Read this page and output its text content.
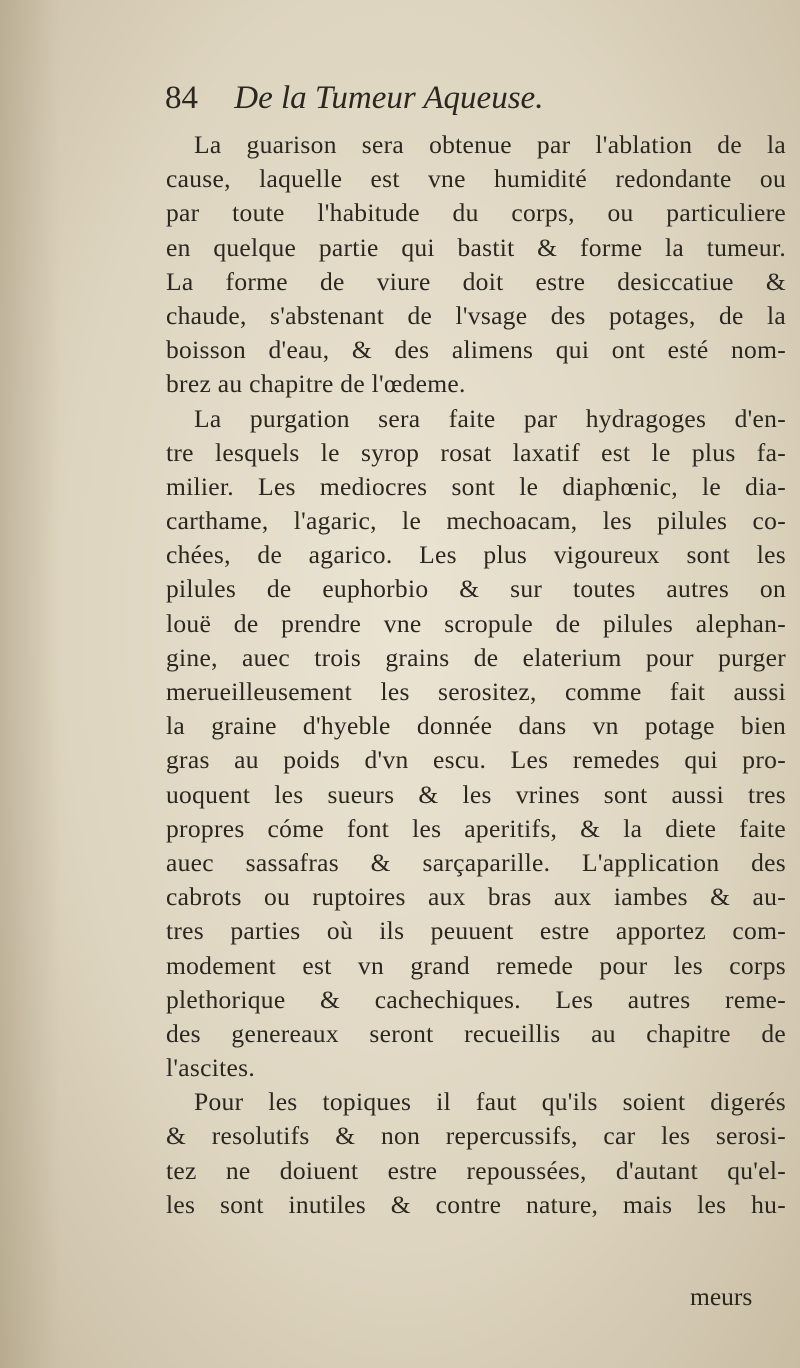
84 De la Tumeur Aqueuse.
La guarison sera obtenue par l'ablation de la
cause, laquelle est vne humidité redondante ou
par toute l'habitude du corps, ou particuliere
en quelque partie qui bastit & forme la tumeur.
La forme de viure doit estre desiccatiue &
chaude, s'abstenant de l'vsage des potages, de la
boisson d'eau, & des alimens qui ont esté nom-
brez au chapitre de l'œdeme.
La purgation sera faite par hydragoges d'en-
tre lesquels le syrop rosat laxatif est le plus fa-
milier. Les mediocres sont le diaphœnic, le dia-
carthame, l'agaric, le mechoacam, les pilules co-
chées, de agarico. Les plus vigoureux sont les
pilules de euphorbio & sur toutes autres on
louë de prendre vne scropule de pilules alephan-
gine, auec trois grains de elaterium pour purger
merueilleusement les serositez, comme fait aussi
la graine d'hyeble donnée dans vn potage bien
gras au poids d'vn escu. Les remedes qui pro-
uoquent les sueurs & les vrines sont aussi tres
propres cóme font les aperitifs, & la diete faite
auec sassafras & sarçaparille. L'application des
cabrots ou ruptoires aux bras aux iambes & au-
tres parties où ils peuuent estre apportez com-
modement est vn grand remede pour les corps
plethorique & cachechiques. Les autres reme-
des genereaux seront recueillis au chapitre de
l'ascites.
Pour les topiques il faut qu'ils soient digerés
& resolutifs & non repercussifs, car les serosi-
tez ne doiuent estre repoussées, d'autant qu'el-
les sont inutiles & contre nature, mais les hu-
meurs
